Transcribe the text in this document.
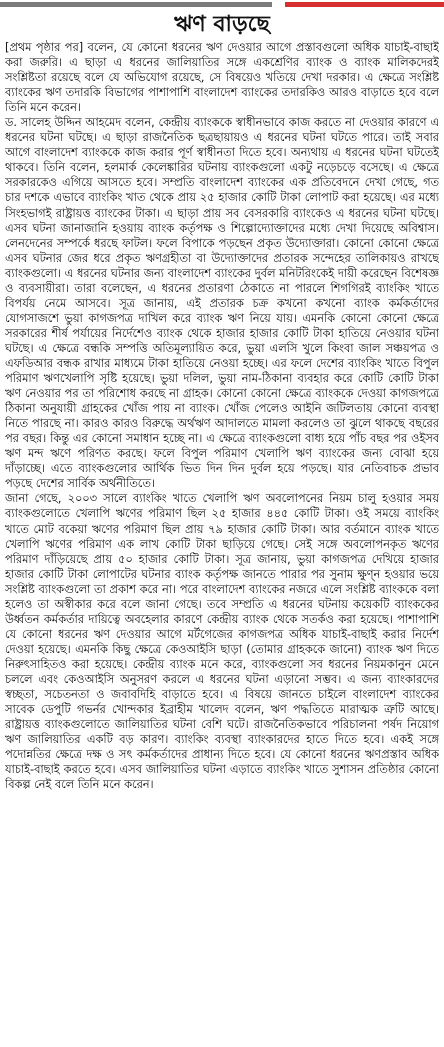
ঋণ বাড়ছে

[প্রথম পৃষ্ঠার পর] বলেন, যে কোনো ধরনের ঋণ দেওয়ার আগে প্রস্তাবগুলো অধিক যাচাই-বাছাই করা জরুরি। এ ছাড়া এ ধরনের জালিয়াতির সঙ্গে একশ্রেণির ব্যাংক ও ব্যাংক মালিকদেরই সংশ্লিষ্টতা রয়েছে বলে যে অভিযোগ রয়েছে, সে বিষয়েও খতিয়ে দেখা দরকার। এ ক্ষেত্রে সংশ্লিষ্ট ব্যাংকের ঋণ তদারকি বিভাগের পাশাপাশি বাংলাদেশ ব্যাংকের তদারকিও আরও বাড়াতে হবে বলে তিনি মনে করেন।

ড. সালেহ উদ্দিন আহমেদ বলেন, কেন্দ্রীয় ব্যাংককে স্বাধীনভাবে কাজ করতে না দেওয়ার কারণে এ ধরনের ঘটনা ঘটছে। এ ছাড়া রাজনৈতিক ছত্রছায়ায়ও এ ধরনের ঘটনা ঘটতে পারে। তাই সবার আগে বাংলাদেশ ব্যাংককে কাজ করার পূর্ণ স্বাধীনতা দিতে হবে। অন্যথায় এ ধরনের ঘটনা ঘটতেই থাকবে। তিনি বলেন, হলমার্ক কেলেঙ্কারির ঘটনায় ব্যাংকগুলো একটু নড়েচড়ে বসেছে। এ ক্ষেত্রে সরকারকেও এগিয়ে আসতে হবে। সম্প্রতি বাংলাদেশ ব্যাংকের এক প্রতিবেদনে দেখা গেছে, গত চার দশকে এভাবে ব্যাংকিং খাত থেকে প্রায় ২৫ হাজার কোটি টাকা লোপাট করা হয়েছে। এর মধ্যে সিংহভাগই রাষ্ট্রায়ত্ত ব্যাংকের টাকা। এ ছাড়া প্রায় সব বেসরকারি ব্যাংকেও এ ধরনের ঘটনা ঘটছে। এসব ঘটনা জানাজানি হওয়ায় ব্যাংক কর্তৃপক্ষ ও শিল্পোদ্যোক্তাদের মধ্যে দেখা দিয়েছে অবিশ্বাস। লেনদেনের সম্পর্কে ধরছে ফাটল। ফলে বিপাকে পড়ছেন প্রকৃত উদ্যোক্তারা। কোনো কোনো ক্ষেত্রে এসব ঘটনার জের ধরে প্রকৃত ঋণগ্রহীতা বা উদ্যোক্তাদের প্রতারক সন্দেহের তালিকায়ও রাখছে ব্যাংকগুলো। এ ধরনের ঘটনার জন্য বাংলাদেশ ব্যাংকের দুর্বল মনিটরিংকেই দায়ী করেছেন বিশেষজ্ঞ ও ব্যবসায়ীরা। তারা বলেছেন, এ ধরনের প্রতারণা ঠেকাতে না পারলে শিগগিরই ব্যাংকিং খাতে বিপর্যয় নেমে আসবে। সূত্র জানায়, এই প্রতারক চক্র কখনো কখনো ব্যাংক কর্মকর্তাদের যোগসাজশে ভুয়া কাগজপত্র দাখিল করে ব্যাংক ঋণ নিয়ে যায়। এমনকি কোনো কোনো ক্ষেত্রে সরকারের শীর্ষ পর্যায়ের নির্দেশেও ব্যাংক থেকে হাজার হাজার কোটি টাকা হাতিয়ে নেওয়ার ঘটনা ঘটছে। এ ক্ষেত্রে বন্ধকি সম্পত্তি অতিমূল্যায়িত করে, ভুয়া এলসি খুলে কিংবা জাল সঞ্চয়পত্র ও এফডিআর বন্ধক রাখার মাধ্যমে টাকা হাতিয়ে নেওয়া হচ্ছে। এর ফলে দেশের ব্যাংকিং খাতে বিপুল পরিমাণ ঋণখেলাপি সৃষ্টি হয়েছে। ভুয়া দলিল, ভুয়া নাম-ঠিকানা ব্যবহার করে কোটি কোটি টাকা ঋণ নেওয়ার পর তা পরিশোধ করছে না গ্রাহক। কোনো কোনো ক্ষেত্রে ব্যাংককে দেওয়া কাগজপত্রে ঠিকানা অনুযায়ী গ্রাহকের খোঁজ পায় না ব্যাংক। খোঁজ পেলেও আইনি জটিলতায় কোনো ব্যবস্থা নিতে পারছে না। কারও কারও বিরুদ্ধে অর্থঋণ আদালতে মামলা করলেও তা ঝুলে থাকছে বছরের পর বছর। কিন্তু এর কোনো সমাধান হচ্ছে না। এ ক্ষেত্রে ব্যাংকগুলো বাধ্য হয়ে পাঁচ বছর পর ওইসব ঋণ মন্দ ঋণে পরিণত করছে। ফলে বিপুল পরিমাণ খেলাপি ঋণ ব্যাংকের জন্য বোঝা হয়ে দাঁড়াচ্ছে। এতে ব্যাংকগুলোর আর্থিক ভিত দিন দিন দুর্বল হয়ে পড়ছে। যার নেতিবাচক প্রভাব পড়ছে দেশের সার্বিক অর্থনীতিতে।

জানা গেছে, ২০০৩ সালে ব্যাংকিং খাতে খেলাপি ঋণ অবলোপনের নিয়ম চালু হওয়ার সময় ব্যাংকগুলোতে খেলাপি ঋণের পরিমাণ ছিল ২৫ হাজার ৪৪৫ কোটি টাকা। ওই সময়ে ব্যাংকিং খাতে মোট বকেয়া ঋণের পরিমাণ ছিল প্রায় ৭৯ হাজার কোটি টাকা। আর বর্তমানে ব্যাংক খাতে খেলাপি ঋণের পরিমাণ এক লাখ কোটি টাকা ছাড়িয়ে গেছে। সেই সঙ্গে অবলোপনকৃত ঋণের পরিমাণ দাঁড়িয়েছে প্রায় ৫০ হাজার কোটি টাকা। সূত্র জানায়, ভুয়া কাগজপত্র দেখিয়ে হাজার হাজার কোটি টাকা লোপাটের ঘটনার ব্যাংক কর্তৃপক্ষ জানতে পারার পর সুনাম ক্ষুণ্ন হওয়ার ভয়ে সংশ্লিষ্ট ব্যাংকগুলো তা প্রকাশ করে না। পরে বাংলাদেশ ব্যাংকের নজরে এলে সংশ্লিষ্ট ব্যাংককে বলা হলেও তা অস্বীকার করে বলে জানা গেছে। তবে সম্প্রতি এ ধরনের ঘটনায় কয়েকটি ব্যাংককের উর্ধ্বতন কর্মকর্তার দায়িত্বে অবহেলার কারণে কেন্দ্রীয় ব্যাংক থেকে সতর্কও করা হয়েছে। পাশাপাশি যে কোনো ধরনের ঋণ দেওয়ার আগে মর্টগেজের কাগজপত্র অধিক যাচাই-বাছাই করার নির্দেশ দেওয়া হয়েছে। এমনকি কিছু ক্ষেত্রে কেওআইসি ছাড়া (তোমার গ্রাহককে জানো) ব্যাংক ঋণ দিতে নিরুৎসাহিতও করা হয়েছে। কেন্দ্রীয় ব্যাংক মনে করে, ব্যাংকগুলো সব ধরনের নিয়মকানুন মেনে চললে এবং কেওআইসি অনুসরণ করলে এ ধরনের ঘটনা এড়ানো সম্ভব। এ জন্য ব্যাংকারদের স্বচ্ছতা, সচেতনতা ও জবাবদিহি বাড়াতে হবে। এ বিষয়ে জানতে চাইলে বাংলাদেশ ব্যাংকের সাবেক ডেপুটি গভর্নর খোন্দকার ইব্রাহীম খালেদ বলেন, ঋণ পদ্ধতিতে মারাত্মক ত্রুটি আছে। রাষ্ট্রায়ত্ত ব্যাংকগুলোতে জালিয়াতির ঘটনা বেশি ঘটে। রাজনৈতিকভাবে পরিচালনা পর্ষদ নিয়োগ ঋণ জালিয়াতির একটি বড় কারণ। ব্যাংকিং ব্যবস্থা ব্যাংকারদের হাতে দিতে হবে। একই সঙ্গে পদোন্নতির ক্ষেত্রে দক্ষ ও সৎ কর্মকর্তাদের প্রাধান্য দিতে হবে। যে কোনো ধরনের ঋণপ্রস্তাব অধিক যাচাই-বাছাই করতে হবে। এসব জালিয়াতির ঘটনা এড়াতে ব্যাংকিং খাতে সুশাসন প্রতিষ্ঠার কোনো বিকল্প নেই বলে তিনি মনে করেন।
